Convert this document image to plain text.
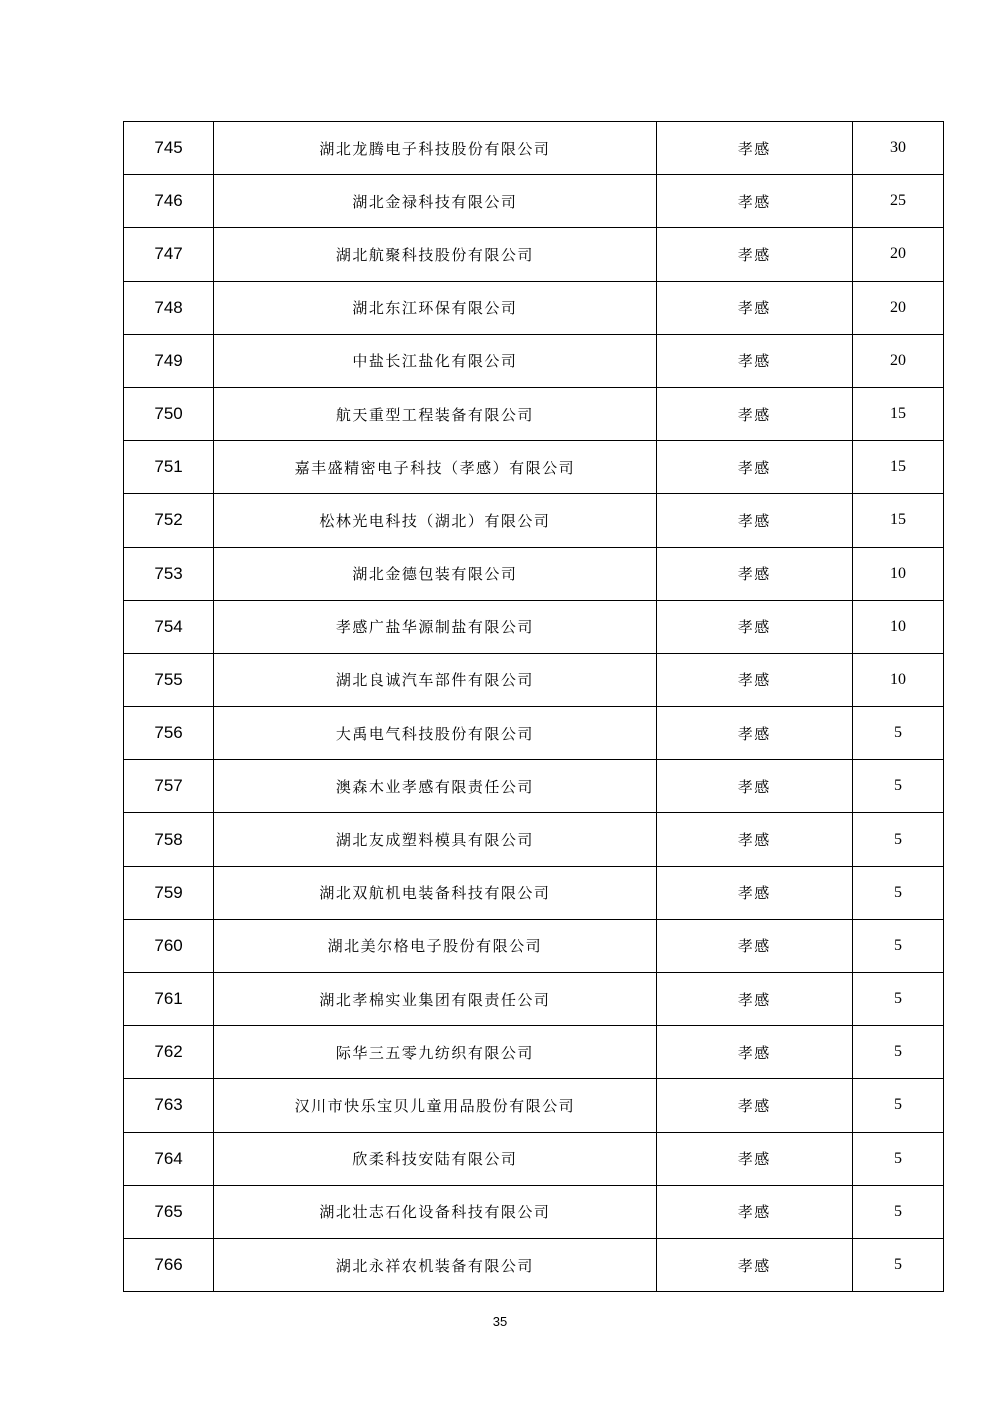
745	湖北龙腾电子科技股份有限公司	孝感	30
746	湖北金禄科技有限公司	孝感	25
747	湖北航聚科技股份有限公司	孝感	20
748	湖北东江环保有限公司	孝感	20
749	中盐长江盐化有限公司	孝感	20
750	航天重型工程装备有限公司	孝感	15
751	嘉丰盛精密电子科技（孝感）有限公司	孝感	15
752	松林光电科技（湖北）有限公司	孝感	15
753	湖北金德包装有限公司	孝感	10
754	孝感广盐华源制盐有限公司	孝感	10
755	湖北良诚汽车部件有限公司	孝感	10
756	大禹电气科技股份有限公司	孝感	5
757	澳森木业孝感有限责任公司	孝感	5
758	湖北友成塑料模具有限公司	孝感	5
759	湖北双航机电装备科技有限公司	孝感	5
760	湖北美尔格电子股份有限公司	孝感	5
761	湖北孝棉实业集团有限责任公司	孝感	5
762	际华三五零九纺织有限公司	孝感	5
763	汉川市快乐宝贝儿童用品股份有限公司	孝感	5
764	欣柔科技安陆有限公司	孝感	5
765	湖北壮志石化设备科技有限公司	孝感	5
766	湖北永祥农机装备有限公司	孝感	5
35
